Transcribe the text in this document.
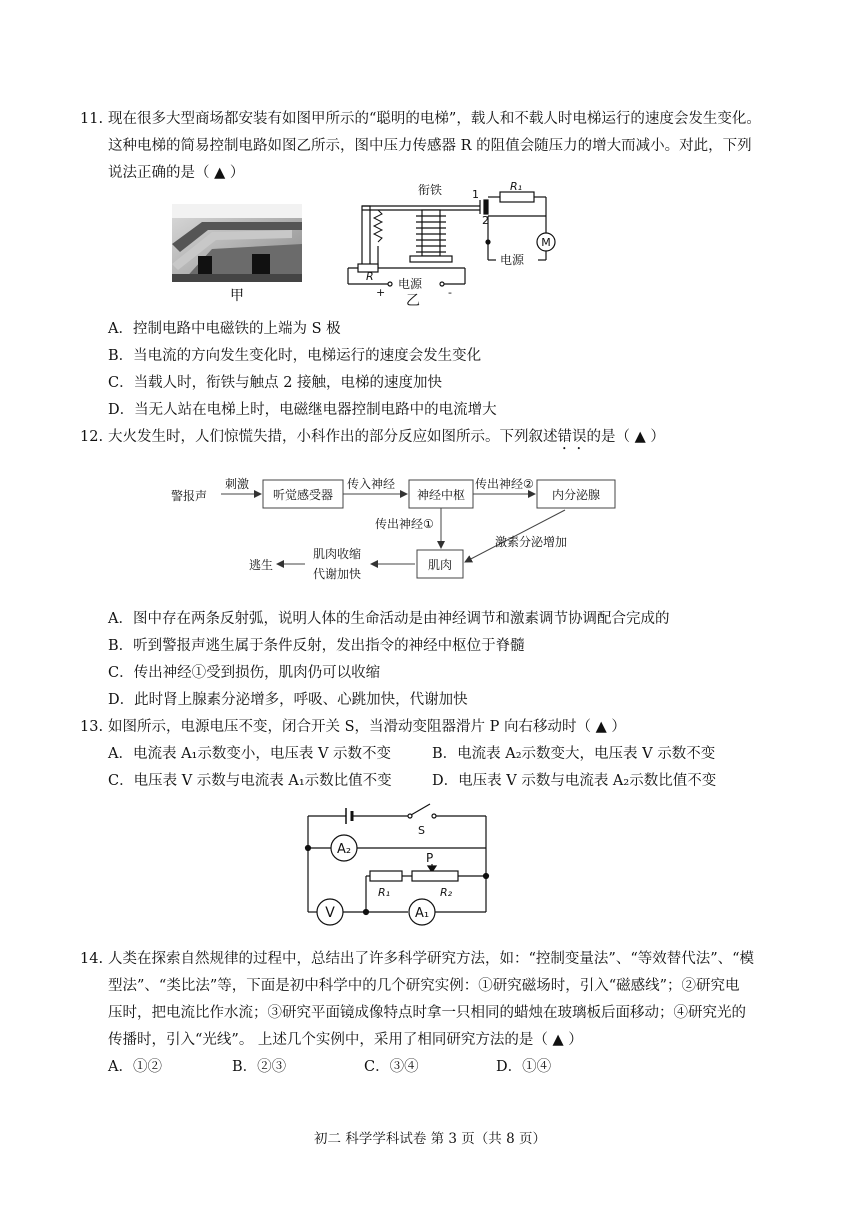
11. 现在很多大型商场都安装有如图甲所示的“聪明的电梯”，载人和不载人时电梯运行的速度会发生变化。
这种电梯的简易控制电路如图乙所示，图中压力传感器 R 的阻值会随压力的增大而减小。对此，下列
说法正确的是（ ▲ ）
甲
衔铁	1
2
R₁
M
电源
R
电源
+	-
乙
A．控制电路中电磁铁的上端为 S 极
B．当电流的方向发生变化时，电梯运行的速度会发生变化
C．当载人时，衔铁与触点 2 接触，电梯的速度加快
D．当无人站在电梯上时，电磁继电器控制电路中的电流增大
12. 大火发生时，人们惊慌失措，小科作出的部分反应如图所示。下列叙述错误的是（ ▲ ）
警报声
刺激
听觉感受器
传入神经
神经中枢
传出神经②
内分泌腺
传出神经①
激素分泌增加
肌肉
肌肉收缩
代谢加快
逃生
A．图中存在两条反射弧，说明人体的生命活动是由神经调节和激素调节协调配合完成的
B．听到警报声逃生属于条件反射，发出指令的神经中枢位于脊髓
C．传出神经①受到损伤，肌肉仍可以收缩
D．此时肾上腺素分泌增多，呼吸、心跳加快，代谢加快
13. 如图所示，电源电压不变，闭合开关 S，当滑动变阻器滑片 P 向右移动时（ ▲ ）
A．电流表 A₁示数变小，电压表 V 示数不变	B．电流表 A₂示数变大，电压表 V 示数不变
C．电压表 V 示数与电流表 A₁示数比值不变	D．电压表 V 示数与电流表 A₂示数比值不变
S
A₂
P
R₁	R₂
V	A₁
14. 人类在探索自然规律的过程中，总结出了许多科学研究方法，如：“控制变量法”、“等效替代法”、“模
型法”、“类比法”等，下面是初中科学中的几个研究实例：①研究磁场时，引入“磁感线”；②研究电
压时，把电流比作水流；③研究平面镜成像特点时拿一只相同的蜡烛在玻璃板后面移动；④研究光的
传播时，引入“光线”。 上述几个实例中，采用了相同研究方法的是（ ▲ ）
A．①②	B．②③	C．③④	D．①④
初二 科学学科试卷 第 3 页（共 8 页）
